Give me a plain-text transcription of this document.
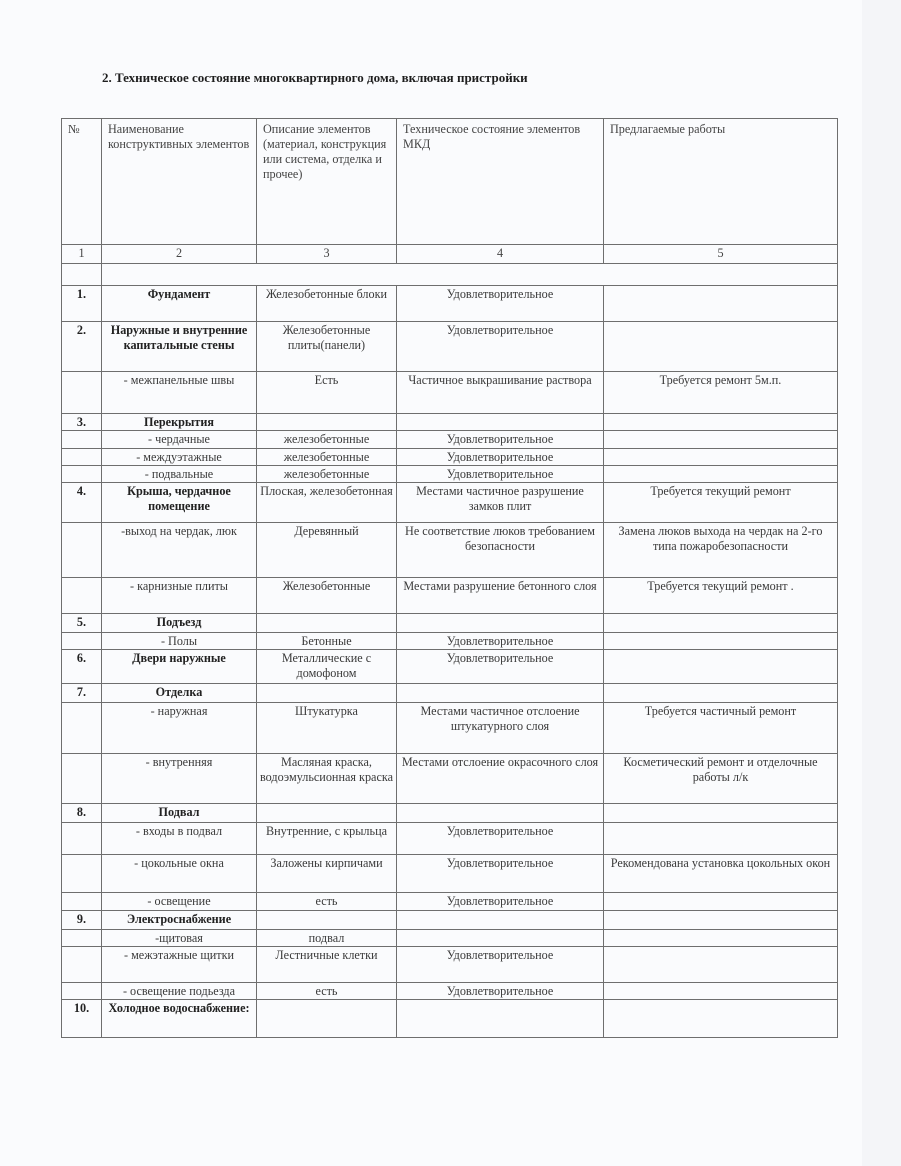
2. Техническое состояние многоквартирного дома, включая пристройки
№	Наименование конструктивных элементов	Описание элементов (материал, конструкция или система, отделка и прочее)	Техническое состояние элементов МКД	Предлагаемые работы
1	2	3	4	5

1.	Фундамент	Железобетонные блоки	Удовлетворительное	
2.	Наружные и внутренние капитальные стены	Железобетонные плиты(панели)	Удовлетворительное	
	- межпанельные швы	Есть	Частичное выкрашивание раствора	Требуется ремонт 5м.п.
3.	Перекрытия			
	- чердачные	железобетонные	Удовлетворительное	
	- междуэтажные	железобетонные	Удовлетворительное	
	- подвальные	железобетонные	Удовлетворительное	
4.	Крыша, чердачное помещение	Плоская, железобетонная	Местами частичное разрушение замков плит	Требуется текущий ремонт
	-выход на чердак, люк	Деревянный	Не соответствие люков требованием безопасности	Замена люков выхода на чердак на 2-го типа пожаробезопасности
	- карнизные плиты	Железобетонные	Местами разрушение бетонного слоя	Требуется текущий ремонт .
5.	Подъезд			
	- Полы	Бетонные	Удовлетворительное	
6.	Двери наружные	Металлические с домофоном	Удовлетворительное	
7.	Отделка			
	- наружная	Штукатурка	Местами частичное отслоение штукатурного слоя	Требуется частичный ремонт
	- внутренняя	Масляная краска, водоэмульсионная краска	Местами отслоение окрасочного слоя	Косметический ремонт и отделочные работы л/к
8.	Подвал			
	- входы в подвал	Внутренние, с крыльца	Удовлетворительное	
	- цокольные окна	Заложены кирпичами	Удовлетворительное	Рекомендована установка цокольных окон
	- освещение	есть	Удовлетворительное	
9.	Электроснабжение			
	-щитовая	подвал		
	- межэтажные щитки	Лестничные клетки	Удовлетворительное	
	- освещение подьезда	есть	Удовлетворительное	
10.	Холодное водоснабжение:			
